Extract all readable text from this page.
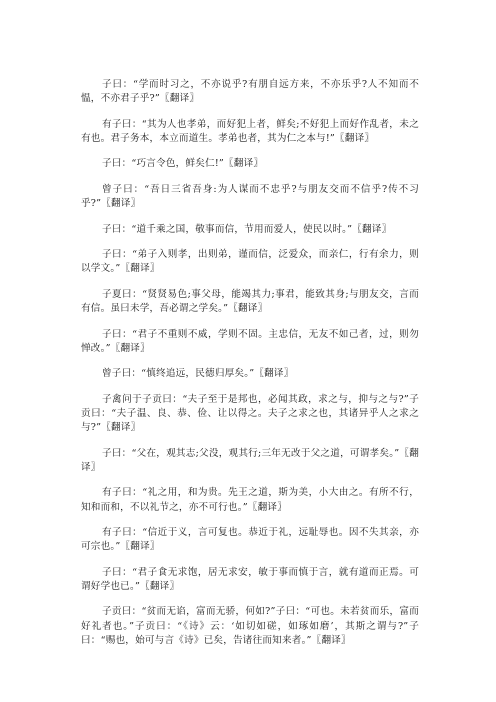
子曰：“学而时习之，不亦说乎?有朋自远方来，不亦乐乎?人不知而不愠，不亦君子乎?”〖翻译〗

有子曰：“其为人也孝弟，而好犯上者，鲜矣;不好犯上而好作乱者，未之有也。君子务本，本立而道生。孝弟也者，其为仁之本与!”〖翻译〗

子曰：“巧言令色，鲜矣仁!”〖翻译〗

曾子曰：“吾日三省吾身:为人谋而不忠乎?与朋友交而不信乎?传不习乎?”〖翻译〗

子曰：“道千乘之国，敬事而信，节用而爱人，使民以时。”〖翻译〗

子曰：“弟子入则孝，出则弟，谨而信，泛爱众，而亲仁，行有余力，则以学文。”〖翻译〗

子夏曰：“贤贤易色;事父母，能竭其力;事君，能致其身;与朋友交，言而有信。虽曰未学，吾必谓之学矣。”〖翻译〗

子曰：“君子不重则不威，学则不固。主忠信，无友不如己者，过，则勿惮改。”〖翻译〗

曾子曰：“慎终追远，民德归厚矣。”〖翻译〗

子禽问于子贡曰：“夫子至于是邦也，必闻其政，求之与，抑与之与?”子贡曰：“夫子温、良、恭、俭、让以得之。夫子之求之也，其诸异乎人之求之与?”〖翻译〗

子曰：“父在，观其志;父没，观其行;三年无改于父之道，可谓孝矣。”〖翻译〗

有子曰：“礼之用，和为贵。先王之道，斯为美，小大由之。有所不行，知和而和，不以礼节之，亦不可行也。”〖翻译〗

有子曰：“信近于义，言可复也。恭近于礼，远耻辱也。因不失其亲，亦可宗也。”〖翻译〗

子曰：“君子食无求饱，居无求安，敏于事而慎于言，就有道而正焉。可谓好学也已。”〖翻译〗

子贡曰：“贫而无谄，富而无骄，何如?”子曰：“可也。未若贫而乐，富而好礼者也。”子贡曰：“《诗》云：‘如切如磋，如琢如磨’，其斯之谓与?”子曰：“赐也，始可与言《诗》已矣，告诸往而知来者。”〖翻译〗
